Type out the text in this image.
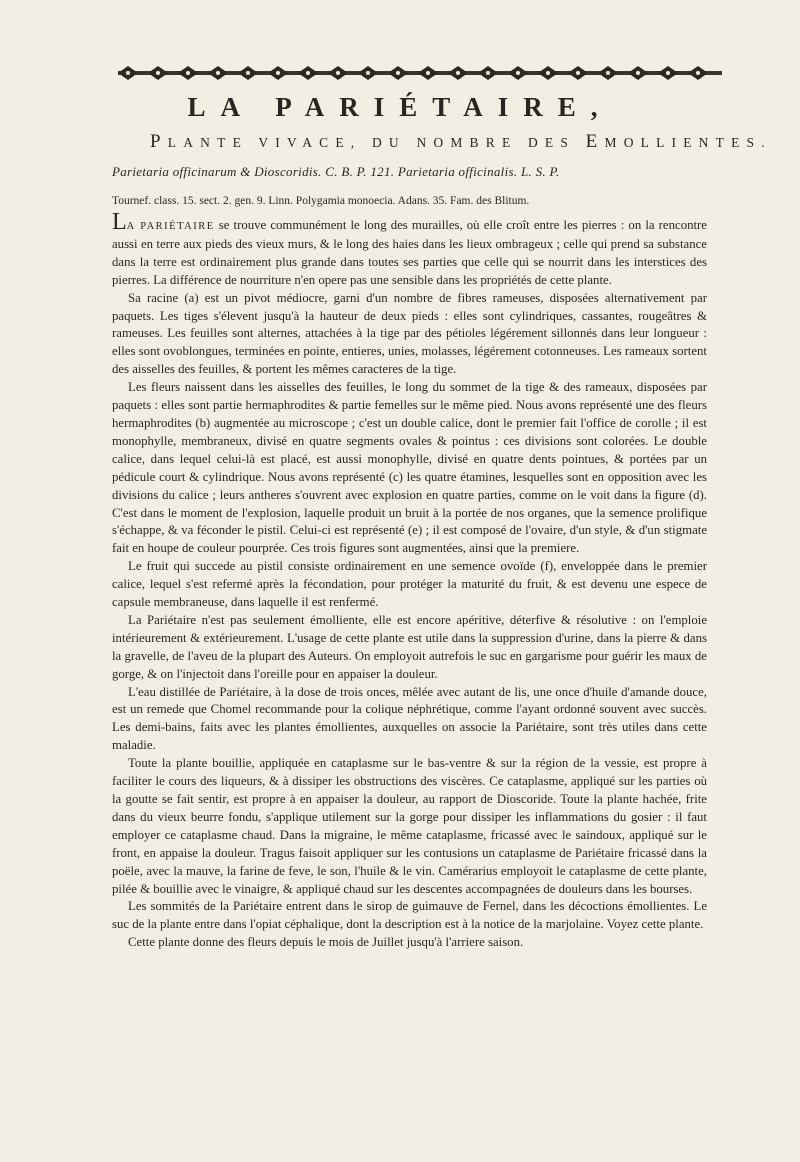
LA PARIÉTAIRE,
PLANTE VIVACE, DU NOMBRE DES EMOLLIENTES.
Parietaria officinarum & Dioscoridis. C. B. P. 121. Parietaria officinalis. L. S. P.
Tournef. class. 15. sect. 2. gen. 9. Linn. Polygamia monoecia. Adans. 35. Fam. des Blitum.

LA PARIÉTAIRE se trouve communément le long des murailles, où elle croît entre les pierres : on la rencontre aussi en terre aux pieds des vieux murs, & le long des haies dans les lieux ombrageux ; celle qui prend sa substance dans la terre est ordinairement plus grande dans toutes ses parties que celle qui se nourrit dans les interstices des pierres. La différence de nourriture n'en opere pas une sensible dans les propriétés de cette plante.

Sa racine (a) est un pivot médiocre, garni d'un nombre de fibres rameuses, disposées alternativement par paquets. Les tiges s'élevent jusqu'à la hauteur de deux pieds : elles sont cylindriques, cassantes, rougeâtres & rameuses. Les feuilles sont alternes, attachées à la tige par des pétioles légérement sillonnés dans leur longueur : elles sont ovoblongues, terminées en pointe, entieres, unies, molasses, légérement cotonneuses. Les rameaux sortent des aisselles des feuilles, & portent les mêmes caracteres de la tige.

Les fleurs naissent dans les aisselles des feuilles, le long du sommet de la tige & des rameaux, disposées par paquets : elles sont partie hermaphrodites & partie femelles sur le même pied. Nous avons représenté une des fleurs hermaphrodites (b) augmentée au microscope ; c'est un double calice, dont le premier fait l'office de corolle ; il est monophylle, membraneux, divisé en quatre segments ovales & pointus : ces divisions sont colorées. Le double calice, dans lequel celui-là est placé, est aussi monophylle, divisé en quatre dents pointues, & portées par un pédicule court & cylindrique. Nous avons représenté (c) les quatre étamines, lesquelles sont en opposition avec les divisions du calice ; leurs antheres s'ouvrent avec explosion en quatre parties, comme on le voit dans la figure (d). C'est dans le moment de l'explosion, laquelle produit un bruit à la portée de nos organes, que la semence prolifique s'échappe, & va féconder le pistil. Celui-ci est représenté (e) ; il est composé de l'ovaire, d'un style, & d'un stigmate fait en houpe de couleur pourprée. Ces trois figures sont augmentées, ainsi que la premiere.

Le fruit qui succede au pistil consiste ordinairement en une semence ovoïde (f), enveloppée dans le premier calice, lequel s'est refermé après la fécondation, pour protéger la maturité du fruit, & est devenu une espece de capsule membraneuse, dans laquelle il est renfermé.

La Pariétaire n'est pas seulement émolliente, elle est encore apéritive, déterfive & résolutive : on l'emploie intérieurement & extérieurement. L'usage de cette plante est utile dans la suppression d'urine, dans la pierre & dans la gravelle, de l'aveu de la plupart des Auteurs. On employoit autrefois le suc en gargarisme pour guérir les maux de gorge, & on l'injectoit dans l'oreille pour en appaiser la douleur.

L'eau distillée de Pariétaire, à la dose de trois onces, mêlée avec autant de lis, une once d'huile d'amande douce, est un remede que Chomel recommande pour la colique néphrétique, comme l'ayant ordonné souvent avec succès. Les demi-bains, faits avec les plantes émollientes, auxquelles on associe la Pariétaire, sont très utiles dans cette maladie.

Toute la plante bouillie, appliquée en cataplasme sur le bas-ventre & sur la région de la vessie, est propre à faciliter le cours des liqueurs, & à dissiper les obstructions des viscères. Ce cataplasme, appliqué sur les parties où la goutte se fait sentir, est propre à en appaiser la douleur, au rapport de Dioscoride. Toute la plante hachée, frite dans du vieux beurre fondu, s'applique utilement sur la gorge pour dissiper les inflammations du gosier : il faut employer ce cataplasme chaud. Dans la migraine, le même cataplasme, fricassé avec le saindoux, appliqué sur le front, en appaise la douleur. Tragus faisoit appliquer sur les contusions un cataplasme de Pariétaire fricassé dans la poële, avec la mauve, la farine de feve, le son, l'huile & le vin. Camérarius employoit le cataplasme de cette plante, pilée & bouillie avec le vinaigre, & appliqué chaud sur les descentes accompagnées de douleurs dans les bourses.

Les sommités de la Pariétaire entrent dans le sirop de guimauve de Fernel, dans les décoctions émollientes. Le suc de la plante entre dans l'opiat céphalique, dont la description est à la notice de la marjolaine. Voyez cette plante.

Cette plante donne des fleurs depuis le mois de Juillet jusqu'à l'arriere saison.
